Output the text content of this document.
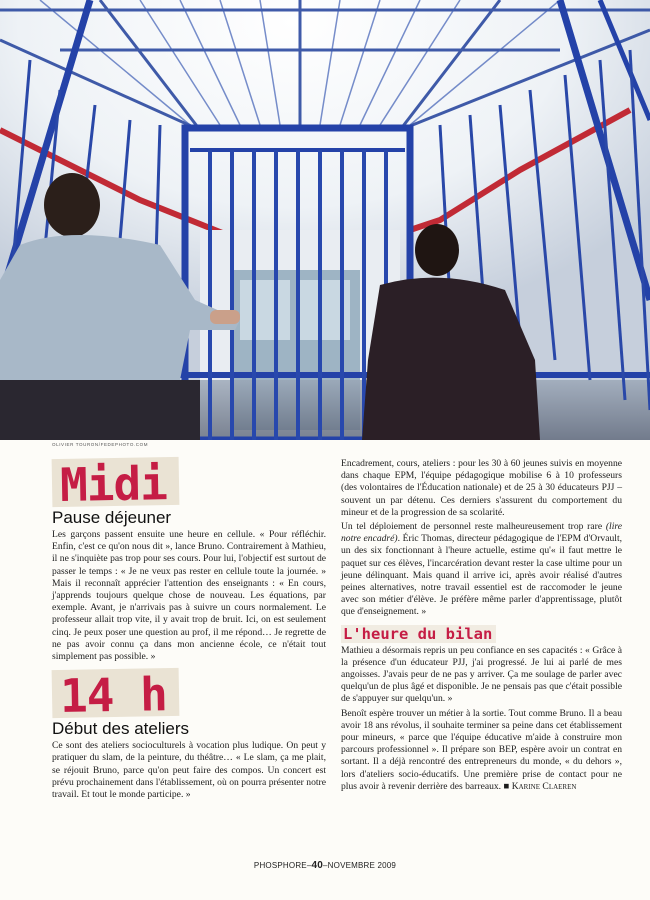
OLIVIER TOURON/FEDEPHOTO.COM
Midi
Pause déjeuner

Les garçons passent ensuite une heure en cellule. « Pour réfléchir. Enfin, c'est ce qu'on nous dit », lance Bruno. Contrairement à Mathieu, il ne s'inquiète pas trop pour ses cours. Pour lui, l'objectif est surtout de passer le temps : « Je ne veux pas rester en cellule toute la journée. » Mais il reconnaît apprécier l'attention des enseignants : « En cours, j'apprends toujours quelque chose de nouveau. Les équations, par exemple. Avant, je n'arrivais pas à suivre un cours normalement. Le professeur allait trop vite, il y avait trop de bruit. Ici, on est seulement cinq. Je peux poser une question au prof, il me répond… Je regrette de ne pas avoir connu ça dans mon ancienne école, ce n'était tout simplement pas possible. »

14 h
Début des ateliers

Ce sont des ateliers socioculturels à vocation plus ludique. On peut y pratiquer du slam, de la peinture, du théâtre… « Le slam, ça me plait, se réjouit Bruno, parce qu'on peut faire des compos. Un concert est prévu prochainement dans l'établissement, où on pourra présenter notre travail. Et tout le monde participe. »

Encadrement, cours, ateliers : pour les 30 à 60 jeunes suivis en moyenne dans chaque EPM, l'équipe pédagogique mobilise 6 à 10 professeurs (des volontaires de l'Éducation nationale) et de 25 à 30 éducateurs PJJ – souvent un par détenu. Ces derniers s'assurent du comportement du mineur et de la progression de sa scolarité.

Un tel déploiement de personnel reste malheureusement trop rare (lire notre encadré). Éric Thomas, directeur pédagogique de l'EPM d'Orvault, un des six fonctionnant à l'heure actuelle, estime qu'« il faut mettre le paquet sur ces élèves, l'incarcération devant rester la case ultime pour un jeune délinquant. Mais quand il arrive ici, après avoir réalisé d'autres peines alternatives, notre travail essentiel est de raccomoder le jeune avec son métier d'élève. Je préfère même parler d'apprentissage, plutôt que d'enseignement. »

L'heure du bilan

Mathieu a désormais repris un peu confiance en ses capacités : « Grâce à la présence d'un éducateur PJJ, j'ai progressé. Je lui ai parlé de mes angoisses. J'avais peur de ne pas y arriver. Ça me soulage de parler avec quelqu'un de plus âgé et disponible. Je ne pensais pas que c'était possible de s'appuyer sur quelqu'un. »

Benoît espère trouver un métier à la sortie. Tout comme Bruno. Il a beau avoir 18 ans révolus, il souhaite terminer sa peine dans cet établissement pour mineurs, « parce que l'équipe éducative m'aide à construire mon parcours professionnel ». Il prépare son BEP, espère avoir un contrat en sortant. Il a déjà rencontré des entrepreneurs du monde, « du dehors », lors d'ateliers socio-éducatifs. Une première prise de contact pour ne plus avoir à revenir derrière des barreaux. ■ Karine Claeren

PHOSPHORE–40–NOVEMBRE 2009
